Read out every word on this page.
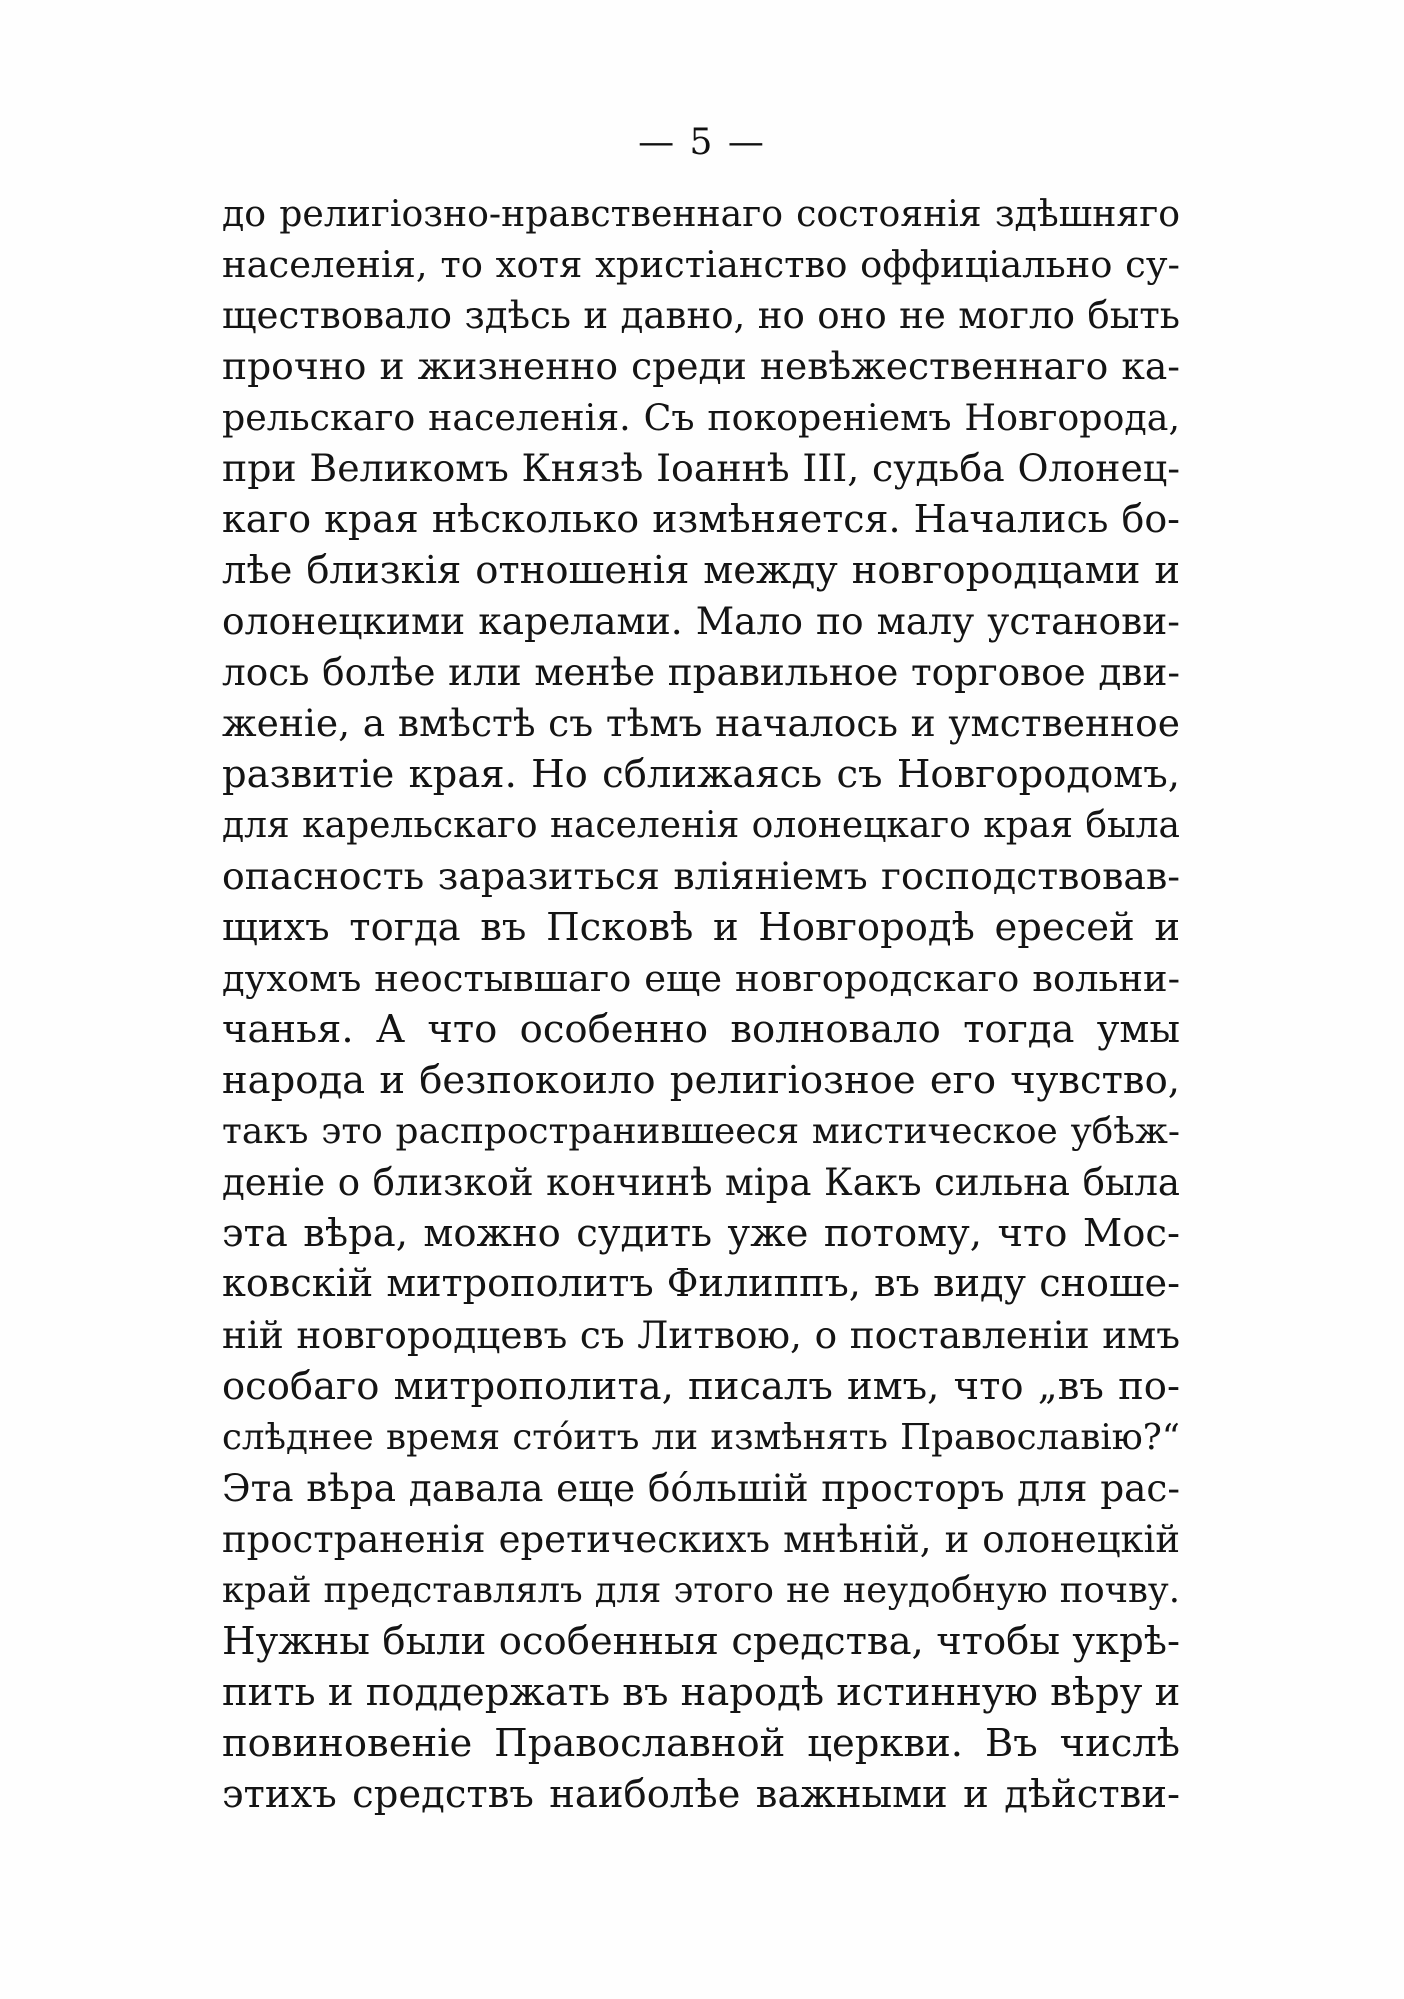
— 5 —
до религіозно-нравственнаго состоянія здѣшняго
населенія, то хотя христіанство оффиціально су-
ществовало здѣсь и давно, но оно не могло быть
прочно и жизненно среди невѣжественнаго ка-
рельскаго населенія. Съ покореніемъ Новгорода,
при Великомъ Князѣ Іоаннѣ III, судьба Олонец-
каго края нѣсколько измѣняется. Начались бо-
лѣе близкія отношенія между новгородцами и
олонецкими карелами. Мало по малу установи-
лось болѣе или менѣе правильное торговое дви-
женіе, а вмѣстѣ съ тѣмъ началось и умственное
развитіе края. Но сближаясь съ Новгородомъ,
для карельскаго населенія олонецкаго края была
опасность заразиться вліяніемъ господствовав-
щихъ тогда въ Псковѣ и Новгородѣ ересей и
духомъ неостывшаго еще новгородскаго вольни-
чанья. А что особенно волновало тогда умы
народа и безпокоило религіозное его чувство,
такъ это распространившееся мистическое убѣж-
деніе о близкой кончинѣ міра Какъ сильна была
эта вѣра, можно судить уже потому, что Мос-
ковскій митрополитъ Филиппъ, въ виду сноше-
ній новгородцевъ съ Литвою, о поставленіи имъ
особаго митрополита, писалъ имъ, что „въ по-
слѣднее время стóитъ ли измѣнять Православію?“
Эта вѣра давала еще бóльшій просторъ для рас-
пространенія еретическихъ мнѣній, и олонецкій
край представлялъ для этого не неудобную почву.
Нужны были особенныя средства, чтобы укрѣ-
пить и поддержать въ народѣ истинную вѣру и
повиновеніе Православной церкви. Въ числѣ
этихъ средствъ наиболѣе важными и дѣйстви-
